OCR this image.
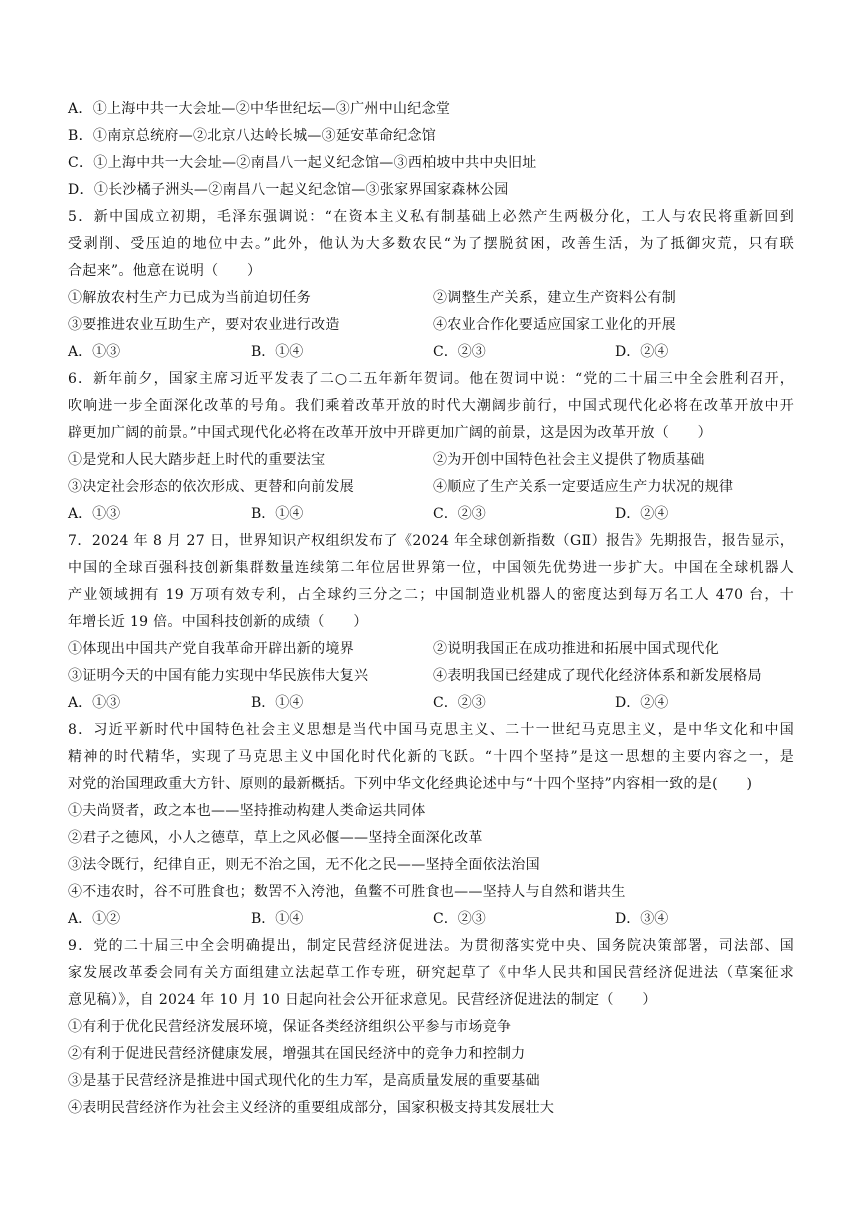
A．①上海中共一大会址—②中华世纪坛—③广州中山纪念堂
B．①南京总统府—②北京八达岭长城—③延安革命纪念馆
C．①上海中共一大会址—②南昌八一起义纪念馆—③西柏坡中共中央旧址
D．①长沙橘子洲头—②南昌八一起义纪念馆—③张家界国家森林公园
5．新中国成立初期，毛泽东强调说：“在资本主义私有制基础上必然产生两极分化，工人与农民将重新回到
受剥削、受压迫的地位中去。”此外，他认为大多数农民“为了摆脱贫困，改善生活，为了抵御灾荒，只有联
合起来”。他意在说明（　　）
①解放农村生产力已成为当前迫切任务	②调整生产关系，建立生产资料公有制
③要推进农业互助生产，要对农业进行改造	④农业合作化要适应国家工业化的开展
A．①③	B．①④	C．②③	D．②④
6．新年前夕，国家主席习近平发表了二○二五年新年贺词。他在贺词中说：“党的二十届三中全会胜利召开，
吹响进一步全面深化改革的号角。我们乘着改革开放的时代大潮阔步前行，中国式现代化必将在改革开放中开
辟更加广阔的前景。”中国式现代化必将在改革开放中开辟更加广阔的前景，这是因为改革开放（　　）
①是党和人民大踏步赶上时代的重要法宝	②为开创中国特色社会主义提供了物质基础
③决定社会形态的依次形成、更替和向前发展	④顺应了生产关系一定要适应生产力状况的规律
A．①③	B．①④	C．②③	D．②④
7．2024 年 8 月 27 日，世界知识产权组织发布了《2024 年全球创新指数（GⅡ）报告》先期报告，报告显示，
中国的全球百强科技创新集群数量连续第二年位居世界第一位，中国领先优势进一步扩大。中国在全球机器人
产业领域拥有 19 万项有效专利，占全球约三分之二；中国制造业机器人的密度达到每万名工人 470 台，十
年增长近 19 倍。中国科技创新的成绩（　　）
①体现出中国共产党自我革命开辟出新的境界	②说明我国正在成功推进和拓展中国式现代化
③证明今天的中国有能力实现中华民族伟大复兴	④表明我国已经建成了现代化经济体系和新发展格局
A．①③	B．①④	C．②③	D．②④
8．习近平新时代中国特色社会主义思想是当代中国马克思主义、二十一世纪马克思主义，是中华文化和中国
精神的时代精华，实现了马克思主义中国化时代化新的飞跃。“十四个坚持”是这一思想的主要内容之一，是
对党的治国理政重大方针、原则的最新概括。下列中华文化经典论述中与“十四个坚持”内容相一致的是(　　)
①夫尚贤者，政之本也——坚持推动构建人类命运共同体
②君子之德风，小人之德草，草上之风必偃——坚持全面深化改革
③法令既行，纪律自正，则无不治之国，无不化之民——坚持全面依法治国
④不违农时，谷不可胜食也；数罟不入洿池，鱼鳖不可胜食也——坚持人与自然和谐共生
A．①②	B．①④	C．②③	D．③④
9．党的二十届三中全会明确提出，制定民营经济促进法。为贯彻落实党中央、国务院决策部署，司法部、国
家发展改革委会同有关方面组建立法起草工作专班，研究起草了《中华人民共和国民营经济促进法（草案征求
意见稿）》，自 2024 年 10 月 10 日起向社会公开征求意见。民营经济促进法的制定（　　）
①有利于优化民营经济发展环境，保证各类经济组织公平参与市场竞争
②有利于促进民营经济健康发展，增强其在国民经济中的竞争力和控制力
③是基于民营经济是推进中国式现代化的生力军，是高质量发展的重要基础
④表明民营经济作为社会主义经济的重要组成部分，国家积极支持其发展壮大
